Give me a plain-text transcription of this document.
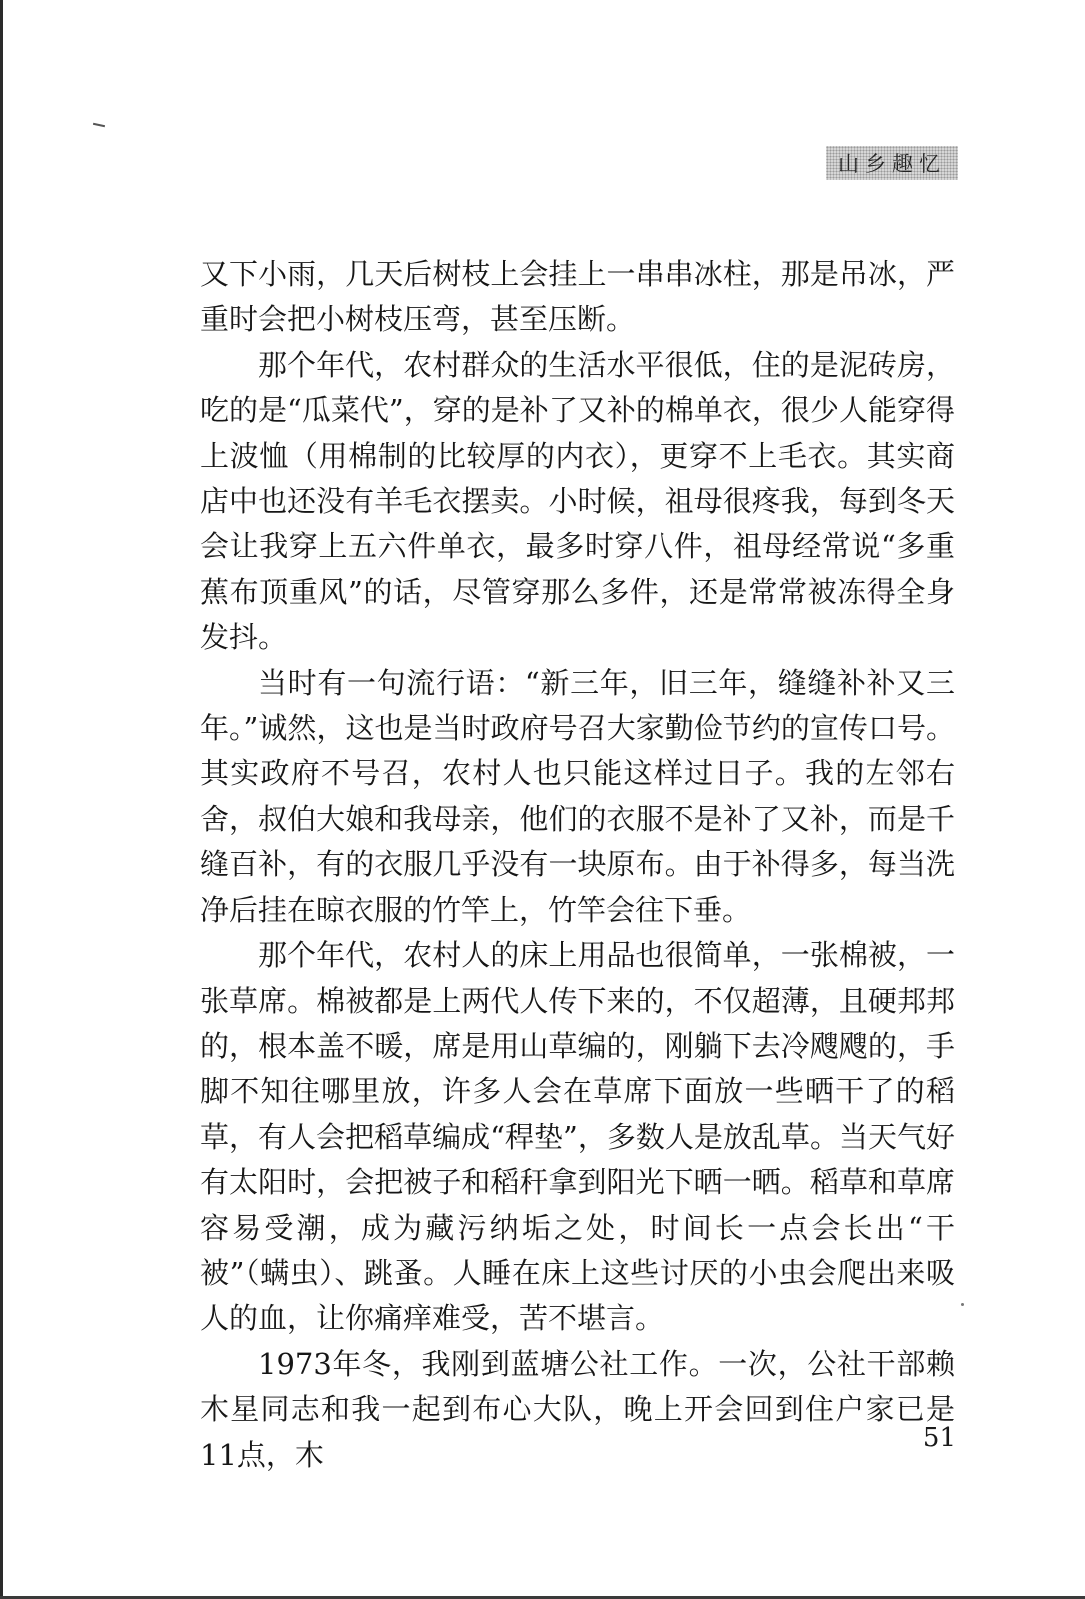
山乡趣忆

又下小雨，几天后树枝上会挂上一串串冰柱，那是吊冰，严重时会把小树枝压弯，甚至压断。

那个年代，农村群众的生活水平很低，住的是泥砖房，吃的是“瓜菜代”，穿的是补了又补的棉单衣，很少人能穿得上波恤（用棉制的比较厚的内衣），更穿不上毛衣。其实商店中也还没有羊毛衣摆卖。小时候，祖母很疼我，每到冬天会让我穿上五六件单衣，最多时穿八件，祖母经常说“多重蕉布顶重风”的话，尽管穿那么多件，还是常常被冻得全身发抖。

当时有一句流行语：“新三年，旧三年，缝缝补补又三年。”诚然，这也是当时政府号召大家勤俭节约的宣传口号。其实政府不号召，农村人也只能这样过日子。我的左邻右舍，叔伯大娘和我母亲，他们的衣服不是补了又补，而是千缝百补，有的衣服几乎没有一块原布。由于补得多，每当洗净后挂在晾衣服的竹竿上，竹竿会往下垂。

那个年代，农村人的床上用品也很简单，一张棉被，一张草席。棉被都是上两代人传下来的，不仅超薄，且硬邦邦的，根本盖不暖，席是用山草编的，刚躺下去冷飕飕的，手脚不知往哪里放，许多人会在草席下面放一些晒干了的稻草，有人会把稻草编成“稈垫”，多数人是放乱草。当天气好有太阳时，会把被子和稻秆拿到阳光下晒一晒。稻草和草席容易受潮，成为藏污纳垢之处，时间长一点会长出“干被”（螨虫）、跳蚤。人睡在床上这些讨厌的小虫会爬出来吸人的血，让你痛痒难受，苦不堪言。

1973年冬，我刚到蓝塘公社工作。一次，公社干部赖木星同志和我一起到布心大队，晚上开会回到住户家已是11点，木	51
